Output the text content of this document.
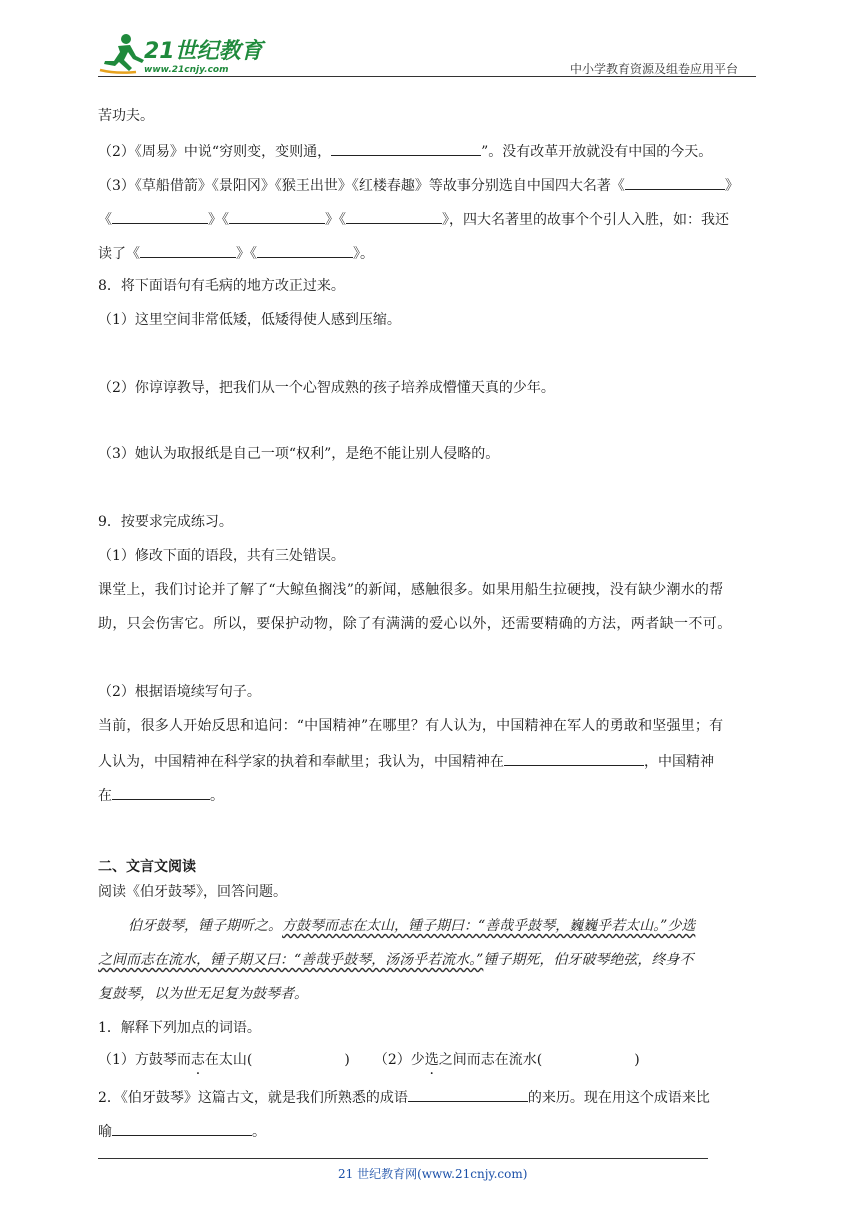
21世纪教育
www.21cnjy.com	中小学教育资源及组卷应用平台
苦功夫。
（2）《周易》中说“穷则变，变则通，	”。没有改革开放就没有中国的今天。
（3）《草船借箭》《景阳冈》《猴王出世》《红楼春趣》等故事分别选自中国四大名著《	》
《	》《	》《	》，四大名著里的故事个个引人入胜，如：我还
读了《	》《	》。
8．将下面语句有毛病的地方改正过来。
（1）这里空间非常低矮，低矮得使人感到压缩。
（2）你谆谆教导，把我们从一个心智成熟的孩子培养成懵懂天真的少年。
（3）她认为取报纸是自己一项“权利”，是绝不能让别人侵略的。
9．按要求完成练习。
（1）修改下面的语段，共有三处错误。
课堂上，我们讨论并了解了“大鲸鱼搁浅”的新闻，感触很多。如果用船生拉硬拽，没有缺少潮水的帮
助，只会伤害它。所以，要保护动物，除了有满满的爱心以外，还需要精确的方法，两者缺一不可。
（2）根据语境续写句子。
当前，很多人开始反思和追问：“中国精神”在哪里？有人认为，中国精神在军人的勇敢和坚强里；有
人认为，中国精神在科学家的执着和奉献里；我认为，中国精神在	，中国精神
在	。
二、文言文阅读
阅读《伯牙鼓琴》，回答问题。
伯牙鼓琴，锺子期听之。方鼓琴而志在太山，锺子期曰：“善哉乎鼓琴，巍巍乎若太山。”少选
之间而志在流水，锺子期又曰：“善哉乎鼓琴，汤汤乎若流水。”锺子期死，伯牙破琴绝弦，终身不
复鼓琴，以为世无足复为鼓琴者。
1．解释下列加点的词语。
（1）方鼓琴而志在太山(	) （2）少选之间而志在流水(	)
2．《伯牙鼓琴》这篇古文，就是我们所熟悉的成语	的来历。现在用这个成语来比
喻	。
21 世纪教育网(www.21cnjy.com)
